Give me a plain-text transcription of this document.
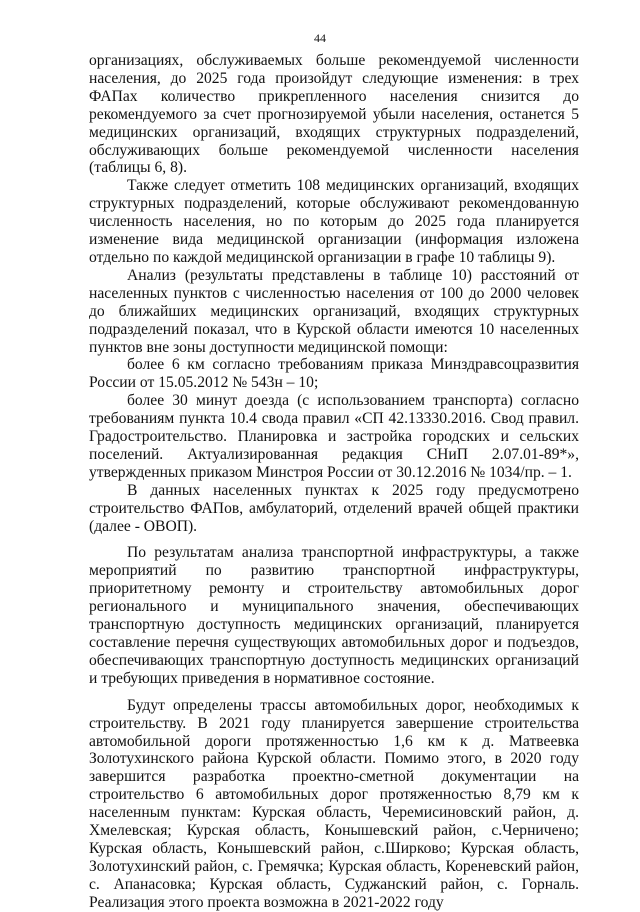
44

организациях, обслуживаемых больше рекомендуемой численности населения, до 2025 года произойдут следующие изменения: в трех ФАПах количество прикрепленного населения снизится до рекомендуемого за счет прогнозируемой убыли населения, останется 5 медицинских организаций, входящих структурных подразделений, обслуживающих больше рекомендуемой численности населения (таблицы 6, 8).

Также следует отметить 108 медицинских организаций, входящих структурных подразделений, которые обслуживают рекомендованную численность населения, но по которым до 2025 года планируется изменение вида медицинской организации (информация изложена отдельно по каждой медицинской организации в графе 10 таблицы 9).

Анализ (результаты представлены в таблице 10) расстояний от населенных пунктов с численностью населения от 100 до 2000 человек до ближайших медицинских организаций, входящих структурных подразделений показал, что в Курской области имеются 10 населенных пунктов вне зоны доступности медицинской помощи:

более 6 км согласно требованиям приказа Минздравсоцразвития России от 15.05.2012 № 543н – 10;

более 30 минут доезда (с использованием транспорта) согласно требованиям пункта 10.4 свода правил «СП 42.13330.2016. Свод правил. Градостроительство. Планировка и застройка городских и сельских поселений. Актуализированная редакция СНиП 2.07.01-89*», утвержденных приказом Минстроя России от 30.12.2016 № 1034/пр. – 1.

В данных населенных пунктах к 2025 году предусмотрено строительство ФАПов, амбулаторий, отделений врачей общей практики (далее - ОВОП).

По результатам анализа транспортной инфраструктуры, а также мероприятий по развитию транспортной инфраструктуры, приоритетному ремонту и строительству автомобильных дорог регионального и муниципального значения, обеспечивающих транспортную доступность медицинских организаций, планируется составление перечня существующих автомобильных дорог и подъездов, обеспечивающих транспортную доступность медицинских организаций и требующих приведения в нормативное состояние.

Будут определены трассы автомобильных дорог, необходимых к строительству. В 2021 году планируется завершение строительства автомобильной дороги протяженностью 1,6 км к д. Матвеевка Золотухинского района Курской области. Помимо этого, в 2020 году завершится разработка проектно-сметной документации на строительство 6 автомобильных дорог протяженностью 8,79 км к населенным пунктам: Курская область, Черемисиновский район, д. Хмелевская; Курская область, Конышевский район, с.Черничено; Курская область, Конышевский район, с.Ширково; Курская область, Золотухинский район, с. Гремячка; Курская область, Кореневский район, с. Апанасовка; Курская область, Суджанский район, с. Горналь. Реализация этого проекта возможна в 2021-2022 году
